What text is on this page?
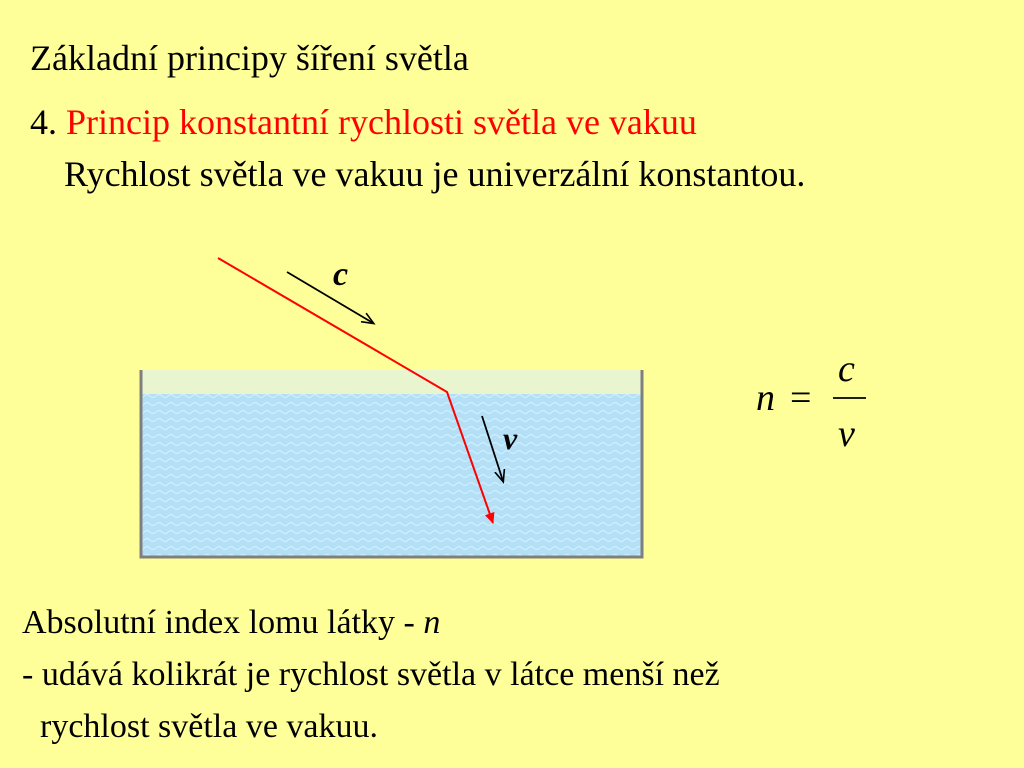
Základní principy šíření světla
4. Princip konstantní rychlosti světla ve vakuu
Rychlost světla ve vakuu je univerzální konstantou.
c
v
n =
c
v
Absolutní index lomu látky - n
- udává kolikrát je rychlost světla v látce menší než
rychlost světla ve vakuu.
